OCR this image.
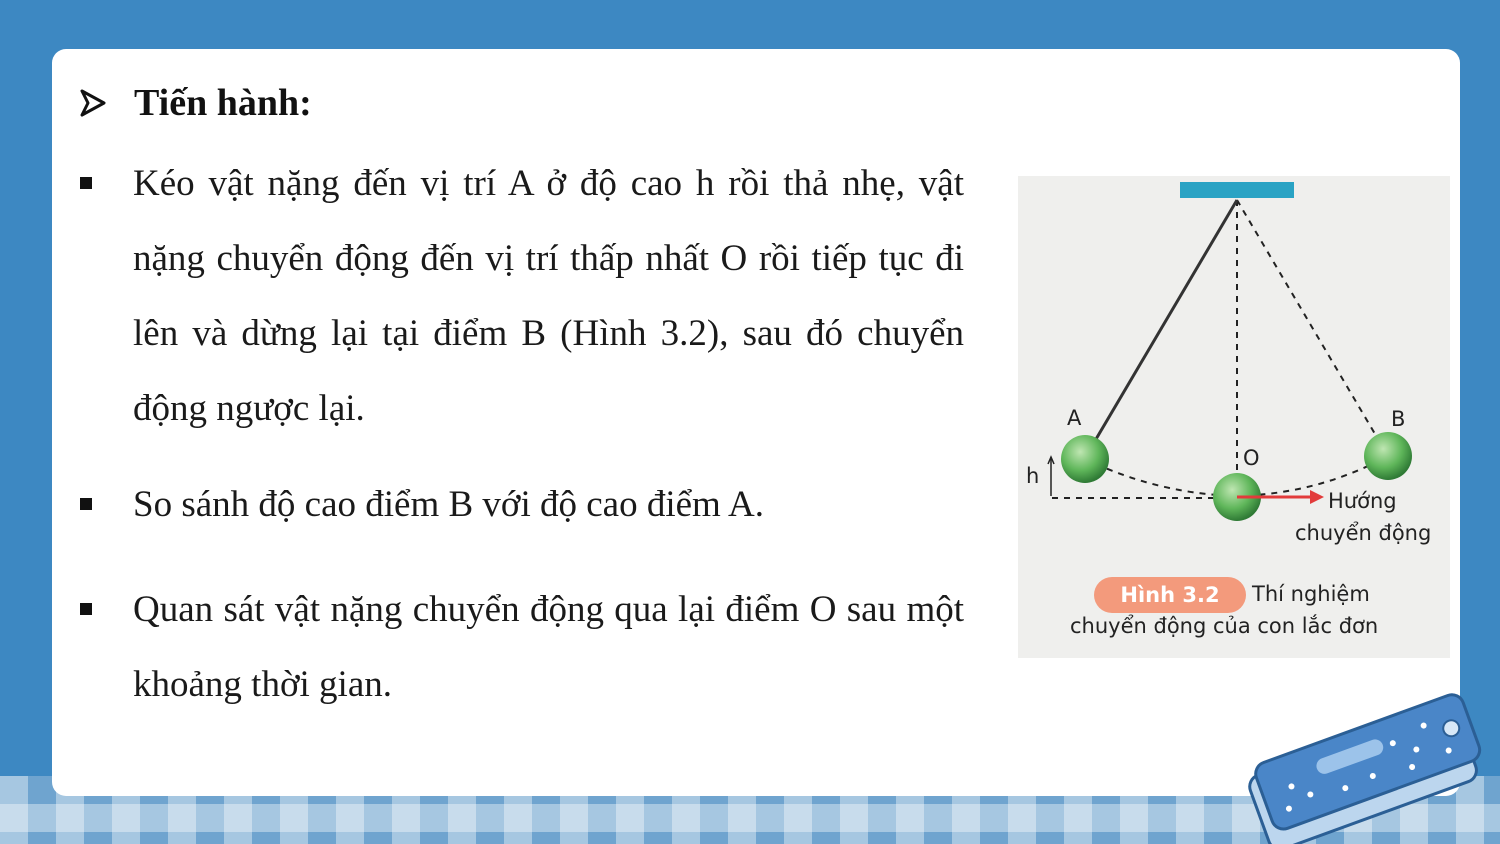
Tiến hành:
Kéo vật nặng đến vị trí A ở độ cao h rồi thả nhẹ, vật nặng chuyển động đến vị trí thấp nhất O rồi tiếp tục đi lên và dừng lại tại điểm B (Hình 3.2), sau đó chuyển động ngược lại.
So sánh độ cao điểm B với độ cao điểm A.
Quan sát vật nặng chuyển động qua lại điểm O sau một khoảng thời gian.
A	B
O
h
Hướng
chuyển động
Hình 3.2	Thí nghiệm
chuyển động của con lắc đơn
